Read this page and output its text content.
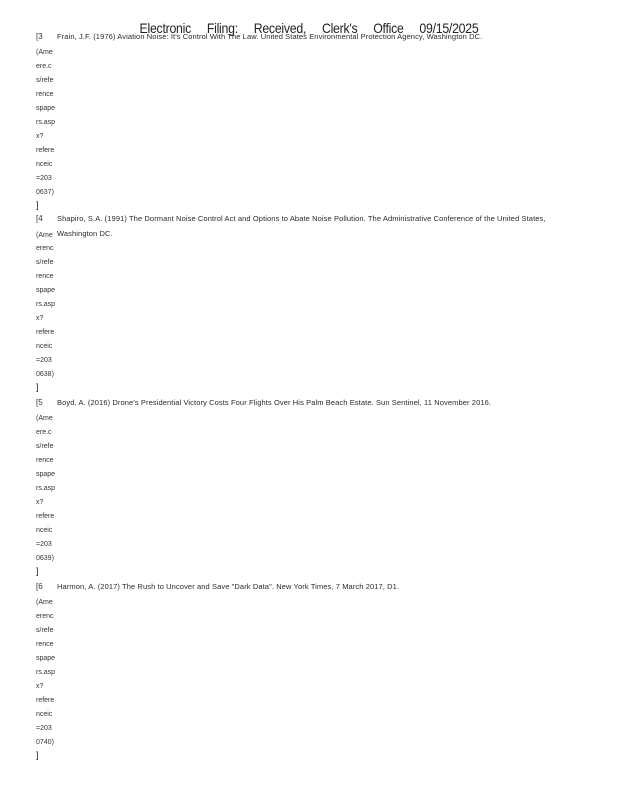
Electronic Filing: Received, Clerk's Office 09/15/2025
[3 Frain, J.F. (1976) Aviation Noise: It's Control With The Law. United States Environmental Protection Agency, Washington DC.
(Ame
ere.c
s/refe
rence
spape
rs.asp
x?
refere
nceic
=203
0637)
]
[4 Shapiro, S.A. (1991) The Dormant Noise Control Act and Options to Abate Noise Pollution. The Administrative Conference of the United States,
Washington DC.
erenc
s/refe
rence
spape
rs.asp
x?
refere
nceic
=203
0638)
(Ame
]
[5 Boyd, A. (2016) Drone's Presidential Victory Costs Four Flights Over His Palm Beach Estate. Sun Sentinel, 11 November 2016.
(Ame
ere.c
s/refe
rence
spape
rs.asp
x?
refere
nceic
=203
0639)
]
[6 Harmon, A. (2017) The Rush to Uncover and Save "Dark Data". New York Times, 7 March 2017, D1.
(Ame
erenc
s/refe
rence
spape
rs.asp
x?
refere
nceic
=203
0740)
]
